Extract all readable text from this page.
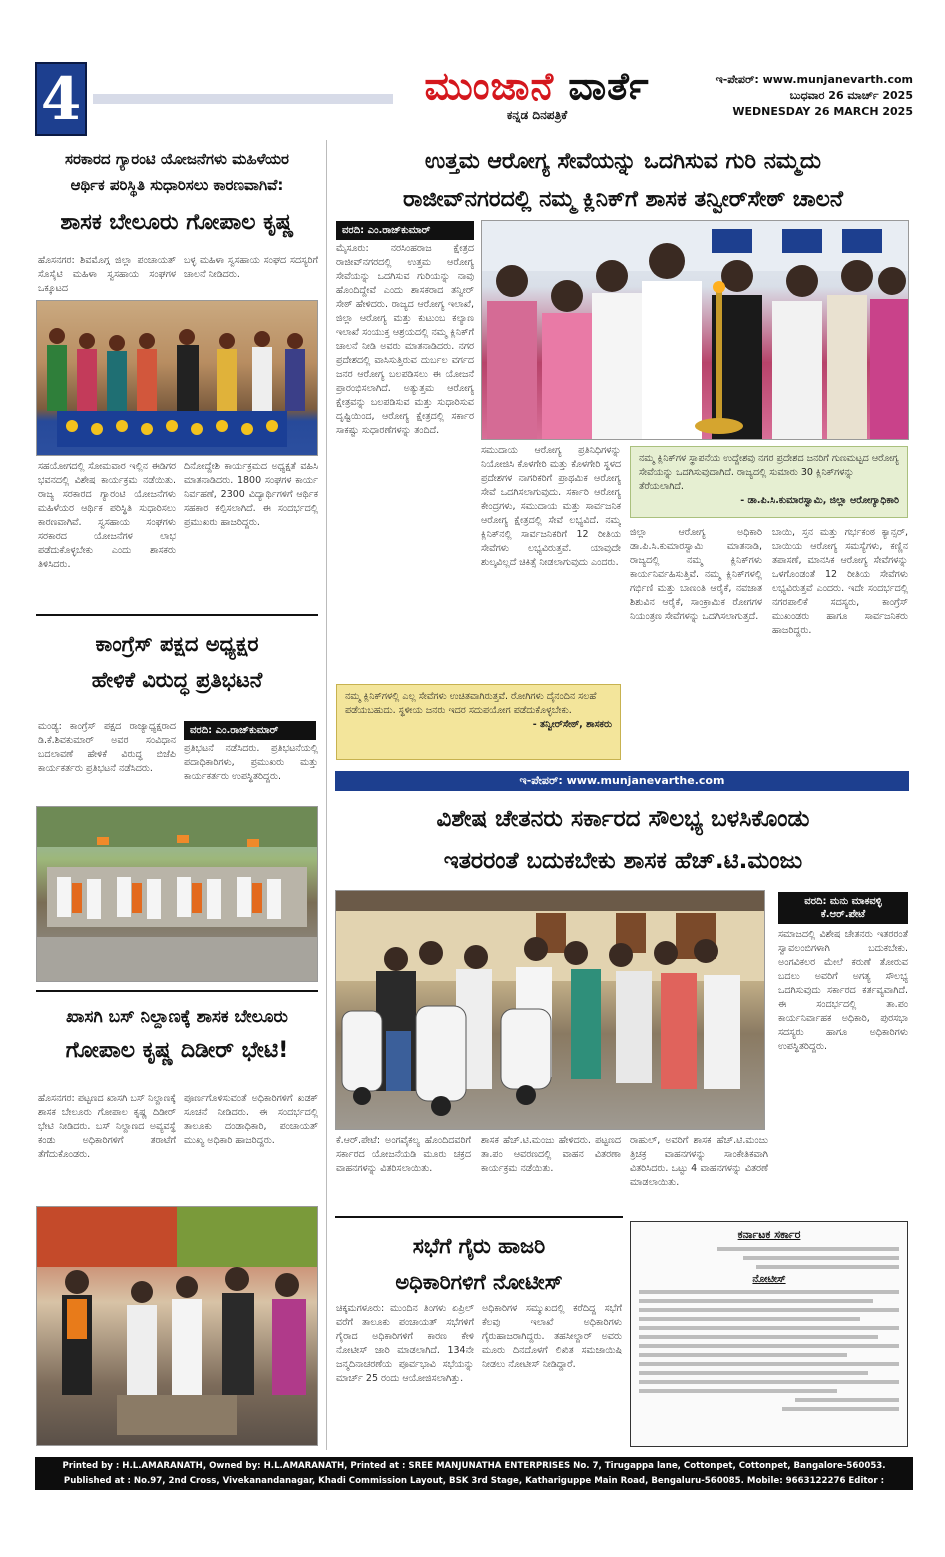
4	ಮುಂಜಾನೆ ವಾರ್ತೆ
ಕನ್ನಡ ದಿನಪತ್ರಿಕೆ
ಇ-ಪೇಪರ್: www.munjanevarth.com
ಬುಧವಾರ 26 ಮಾರ್ಚ್ 2025
WEDNESDAY 26 MARCH 2025
ಸರಕಾರದ ಗ್ಯಾರಂಟಿ ಯೋಜನೆಗಳು ಮಹಿಳೆಯರ
ಆರ್ಥಿಕ ಪರಿಸ್ಥಿತಿ ಸುಧಾರಿಸಲು ಕಾರಣವಾಗಿವೆ:
ಶಾಸಕ ಬೇಲೂರು ಗೋಪಾಲ ಕೃಷ್ಣ
ಹೊಸನಗರ: ಶಿವಮೊಗ್ಗ ಜಿಲ್ಲಾ ಪಂಚಾಯತ್ ಸೊಸೈಟಿ ಮಹಿಳಾ ಸ್ವಸಹಾಯ ಸಂಘಗಳ ಒಕ್ಕೂಟದ
ಬಳ್ಳ ಮಹಿಳಾ ಸ್ವಸಹಾಯ ಸಂಘದ ಸದಸ್ಯರಿಗೆ ಚಾಲನೆ ನೀಡಿದರು.
ಸಹಯೋಗದಲ್ಲಿ ಸೋಮವಾರ ಇಲ್ಲಿನ ಈಡಿಗರ ಭವನದಲ್ಲಿ ವಿಶೇಷ ಕಾರ್ಯಕ್ರಮ ನಡೆಯಿತು. ರಾಜ್ಯ ಸರಕಾರದ ಗ್ಯಾರಂಟಿ ಯೋಜನೆಗಳು ಮಹಿಳೆಯರ ಆರ್ಥಿಕ ಪರಿಸ್ಥಿತಿ ಸುಧಾರಿಸಲು ಕಾರಣವಾಗಿವೆ. ಸ್ವಸಹಾಯ ಸಂಘಗಳು ಸರಕಾರದ ಯೋಜನೆಗಳ ಲಾಭ ಪಡೆದುಕೊಳ್ಳಬೇಕು ಎಂದು ಶಾಸಕರು ತಿಳಿಸಿದರು.
ದಿನೋದ್ದೇಶಿ ಕಾರ್ಯಕ್ರಮದ ಅಧ್ಯಕ್ಷತೆ ವಹಿಸಿ ಮಾತನಾಡಿದರು. 1800 ಸಂಘಗಳ ಕಾರ್ಯ ನಿರ್ವಹಣೆ, 2300 ವಿದ್ಯಾರ್ಥಿಗಳಿಗೆ ಆರ್ಥಿಕ ಸಹಕಾರ ಕಲ್ಪಿಸಲಾಗಿದೆ. ಈ ಸಂದರ್ಭದಲ್ಲಿ ಪ್ರಮುಖರು ಹಾಜರಿದ್ದರು.
ಕಾಂಗ್ರೆಸ್ ಪಕ್ಷದ ಅಧ್ಯಕ್ಷರ
ಹೇಳಿಕೆ ವಿರುದ್ಧ ಪ್ರತಿಭಟನೆ
ಮಂಡ್ಯ: ಕಾಂಗ್ರೆಸ್ ಪಕ್ಷದ ರಾಜ್ಯಾಧ್ಯಕ್ಷರಾದ ಡಿ.ಕೆ.ಶಿವಕುಮಾರ್ ಅವರ ಸಂವಿಧಾನ ಬದಲಾವಣೆ ಹೇಳಿಕೆ ವಿರುದ್ಧ ಬಿಜೆಪಿ ಕಾರ್ಯಕರ್ತರು ಪ್ರತಿಭಟನೆ ನಡೆಸಿದರು.
ವರದಿ: ಎಂ.ರಾಜ್‌ಕುಮಾರ್
ಪ್ರತಿಭಟನೆ ನಡೆಸಿದರು. ಪ್ರತಿಭಟನೆಯಲ್ಲಿ ಪದಾಧಿಕಾರಿಗಳು, ಪ್ರಮುಖರು ಮತ್ತು ಕಾರ್ಯಕರ್ತರು ಉಪಸ್ಥಿತರಿದ್ದರು.
ಖಾಸಗಿ ಬಸ್ ನಿಲ್ದಾಣಕ್ಕೆ ಶಾಸಕ ಬೇಲೂರು
ಗೋಪಾಲ ಕೃಷ್ಣ ದಿಡೀರ್ ಭೇಟಿ!
ಹೊಸನಗರ: ಪಟ್ಟಣದ ಖಾಸಗಿ ಬಸ್ ನಿಲ್ದಾಣಕ್ಕೆ ಶಾಸಕ ಬೇಲೂರು ಗೋಪಾಲ ಕೃಷ್ಣ ದಿಡೀರ್ ಭೇಟಿ ನೀಡಿದರು. ಬಸ್ ನಿಲ್ದಾಣದ ಅವ್ಯವಸ್ಥೆ ಕಂಡು ಅಧಿಕಾರಿಗಳಿಗೆ ತರಾಟೆಗೆ ತೆಗೆದುಕೊಂಡರು.
ಪೂರ್ಣಗೊಳಿಸುವಂತೆ ಅಧಿಕಾರಿಗಳಿಗೆ ಖಡಕ್ ಸೂಚನೆ ನೀಡಿದರು. ಈ ಸಂದರ್ಭದಲ್ಲಿ ತಾಲೂಕು ದಂಡಾಧಿಕಾರಿ, ಪಂಚಾಯತ್ ಮುಖ್ಯ ಅಧಿಕಾರಿ ಹಾಜರಿದ್ದರು.
ಉತ್ತಮ ಆರೋಗ್ಯ ಸೇವೆಯನ್ನು ಒದಗಿಸುವ ಗುರಿ ನಮ್ಮದು
ರಾಜೀವ್‌ನಗರದಲ್ಲಿ ನಮ್ಮ ಕ್ಲಿನಿಕ್‌ಗೆ ಶಾಸಕ ತನ್ವೀರ್‌ಸೇಠ್ ಚಾಲನೆ
ವರದಿ: ಎಂ.ರಾಜ್‌ಕುಮಾರ್
ಮೈಸೂರು: ನರಸಿಂಹರಾಜ ಕ್ಷೇತ್ರದ ರಾಜೀವ್‌ನಗರದಲ್ಲಿ ಉತ್ತಮ ಆರೋಗ್ಯ ಸೇವೆಯನ್ನು ಒದಗಿಸುವ ಗುರಿಯನ್ನು ನಾವು ಹೊಂದಿದ್ದೇವೆ ಎಂದು ಶಾಸಕರಾದ ತನ್ವೀರ್ ಸೇಠ್ ಹೇಳಿದರು. ರಾಜ್ಯದ ಆರೋಗ್ಯ ಇಲಾಖೆ, ಜಿಲ್ಲಾ ಆರೋಗ್ಯ ಮತ್ತು ಕುಟುಂಬ ಕಲ್ಯಾಣ ಇಲಾಖೆ ಸಂಯುಕ್ತ ಆಶ್ರಯದಲ್ಲಿ ನಮ್ಮ ಕ್ಲಿನಿಕ್‌ಗೆ ಚಾಲನೆ ನೀಡಿ ಅವರು ಮಾತನಾಡಿದರು. ನಗರ ಪ್ರದೇಶದಲ್ಲಿ ವಾಸಿಸುತ್ತಿರುವ ದುರ್ಬಲ ವರ್ಗದ ಜನರ ಆರೋಗ್ಯ ಬಲಪಡಿಸಲು ಈ ಯೋಜನೆ ಪ್ರಾರಂಭಿಸಲಾಗಿದೆ. ಅತ್ಯುತ್ತಮ ಆರೋಗ್ಯ ಕ್ಷೇತ್ರವನ್ನು ಬಲಪಡಿಸುವ ಮತ್ತು ಸುಧಾರಿಸುವ ದೃಷ್ಟಿಯಿಂದ, ಆರೋಗ್ಯ ಕ್ಷೇತ್ರದಲ್ಲಿ ಸರ್ಕಾರ ಸಾಕಷ್ಟು ಸುಧಾರಣೆಗಳನ್ನು ತಂದಿದೆ.
ಸಮುದಾಯ ಆರೋಗ್ಯ ಪ್ರತಿನಿಧಿಗಳನ್ನು ನಿಯೋಜಿಸಿ ಕೊಳಗೇರಿ ಮತ್ತು ಕೊಳಗೇರಿ ಸ್ಥಳದ ಪ್ರದೇಶಗಳ ನಾಗರಿಕರಿಗೆ ಪ್ರಾಥಮಿಕ ಆರೋಗ್ಯ ಸೇವೆ ಒದಗಿಸಲಾಗುವುದು. ಸರ್ಕಾರಿ ಆರೋಗ್ಯ ಕೇಂದ್ರಗಳು, ಸಮುದಾಯ ಮತ್ತು ಸಾರ್ವಜನಿಕ ಆರೋಗ್ಯ ಕ್ಷೇತ್ರದಲ್ಲಿ ಸೇವೆ ಲಭ್ಯವಿದೆ. ನಮ್ಮ ಕ್ಲಿನಿಕ್‌ನಲ್ಲಿ ಸಾರ್ವಜನಿಕರಿಗೆ 12 ರೀತಿಯ ಸೇವೆಗಳು ಲಭ್ಯವಿರುತ್ತವೆ. ಯಾವುದೇ ಶುಲ್ಕವಿಲ್ಲದೆ ಚಿಕಿತ್ಸೆ ನೀಡಲಾಗುವುದು ಎಂದರು.
ನಮ್ಮ ಕ್ಲಿನಿಕ್‌ಗಳ ಸ್ಥಾಪನೆಯ ಉದ್ದೇಶವು ನಗರ ಪ್ರದೇಶದ ಜನರಿಗೆ ಗುಣಮಟ್ಟದ ಆರೋಗ್ಯ ಸೇವೆಯನ್ನು ಒದಗಿಸುವುದಾಗಿದೆ. ರಾಜ್ಯದಲ್ಲಿ ಸುಮಾರು 30 ಕ್ಲಿನಿಕ್‌ಗಳನ್ನು ತೆರೆಯಲಾಗಿದೆ.
- ಡಾ.ಪಿ.ಸಿ.ಕುಮಾರಸ್ವಾಮಿ, ಜಿಲ್ಲಾ ಆರೋಗ್ಯಾಧಿಕಾರಿ
ಜಿಲ್ಲಾ ಆರೋಗ್ಯ ಅಧಿಕಾರಿ ಡಾ.ಪಿ.ಸಿ.ಕುಮಾರಸ್ವಾಮಿ ಮಾತನಾಡಿ, ರಾಜ್ಯದಲ್ಲಿ ನಮ್ಮ ಕ್ಲಿನಿಕ್‌ಗಳು ಕಾರ್ಯನಿರ್ವಹಿಸುತ್ತಿವೆ. ನಮ್ಮ ಕ್ಲಿನಿಕ್‌ಗಳಲ್ಲಿ ಗರ್ಭಿಣಿ ಮತ್ತು ಬಾಣಂತಿ ಆರೈಕೆ, ನವಜಾತ ಶಿಶುವಿನ ಆರೈಕೆ, ಸಾಂಕ್ರಾಮಿಕ ರೋಗಗಳ ನಿಯಂತ್ರಣ ಸೇವೆಗಳನ್ನು ಒದಗಿಸಲಾಗುತ್ತದೆ.
ಬಾಯಿ, ಸ್ತನ ಮತ್ತು ಗರ್ಭಕಂಠ ಕ್ಯಾನ್ಸರ್, ಬಾಯಿಯ ಆರೋಗ್ಯ ಸಮಸ್ಯೆಗಳು, ಕಣ್ಣಿನ ತಪಾಸಣೆ, ಮಾನಸಿಕ ಆರೋಗ್ಯ ಸೇವೆಗಳನ್ನು ಒಳಗೊಂಡಂತೆ 12 ರೀತಿಯ ಸೇವೆಗಳು ಲಭ್ಯವಿರುತ್ತವೆ ಎಂದರು. ಇದೇ ಸಂದರ್ಭದಲ್ಲಿ ನಗರಪಾಲಿಕೆ ಸದಸ್ಯರು, ಕಾಂಗ್ರೆಸ್ ಮುಖಂಡರು ಹಾಗೂ ಸಾರ್ವಜನಿಕರು ಹಾಜರಿದ್ದರು.
ನಮ್ಮ ಕ್ಲಿನಿಕ್‌ಗಳಲ್ಲಿ ಎಲ್ಲ ಸೇವೆಗಳು ಉಚಿತವಾಗಿರುತ್ತವೆ. ರೋಗಿಗಳು ದೈನಂದಿನ ಸಲಹೆ ಪಡೆಯಬಹುದು. ಸ್ಥಳೀಯ ಜನರು ಇದರ ಸದುಪಯೋಗ ಪಡೆದುಕೊಳ್ಳಬೇಕು.
- ತನ್ವೀರ್‌ಸೇಠ್, ಶಾಸಕರು
ಇ-ಪೇಪರ್: www.munjanevarthe.com
ವಿಶೇಷ ಚೇತನರು ಸರ್ಕಾರದ ಸೌಲಭ್ಯ ಬಳಸಿಕೊಂಡು
ಇತರರಂತೆ ಬದುಕಬೇಕು ಶಾಸಕ ಹೆಚ್.ಟಿ.ಮಂಜು
ವರದಿ: ಮನು ಮಾಕವಳ್ಳಿ
ಕೆ.ಆರ್.ಪೇಟೆ
ಸಮಾಜದಲ್ಲಿ ವಿಶೇಷ ಚೇತನರು ಇತರರಂತೆ ಸ್ವಾವಲಂಬಿಗಳಾಗಿ ಬದುಕಬೇಕು. ಅಂಗವಿಕಲರ ಮೇಲೆ ಕರುಣೆ ತೋರುವ ಬದಲು ಅವರಿಗೆ ಅಗತ್ಯ ಸೌಲಭ್ಯ ಒದಗಿಸುವುದು ಸರ್ಕಾರದ ಕರ್ತವ್ಯವಾಗಿದೆ. ಈ ಸಂದರ್ಭದಲ್ಲಿ ತಾ.ಪಂ ಕಾರ್ಯನಿರ್ವಾಹಕ ಅಧಿಕಾರಿ, ಪುರಸಭಾ ಸದಸ್ಯರು ಹಾಗೂ ಅಧಿಕಾರಿಗಳು ಉಪಸ್ಥಿತರಿದ್ದರು.
ಕೆ.ಆರ್.ಪೇಟೆ: ಅಂಗವೈಕಲ್ಯ ಹೊಂದಿದವರಿಗೆ ಸರ್ಕಾರದ ಯೋಜನೆಯಡಿ ಮೂರು ಚಕ್ರದ ವಾಹನಗಳನ್ನು ವಿತರಿಸಲಾಯಿತು.
ಶಾಸಕ ಹೆಚ್.ಟಿ.ಮಂಜು ಹೇಳಿದರು. ಪಟ್ಟಣದ ತಾ.ಪಂ ಆವರಣದಲ್ಲಿ ವಾಹನ ವಿತರಣಾ ಕಾರ್ಯಕ್ರಮ ನಡೆಯಿತು.
ರಾಹುಲ್, ಅವರಿಗೆ ಶಾಸಕ ಹೆಚ್.ಟಿ.ಮಂಜು ತ್ರಿಚಕ್ರ ವಾಹನಗಳನ್ನು ಸಾಂಕೇತಿಕವಾಗಿ ವಿತರಿಸಿದರು. ಒಟ್ಟು 4 ವಾಹನಗಳನ್ನು ವಿತರಣೆ ಮಾಡಲಾಯಿತು.
ಸಭೆಗೆ ಗೈರು ಹಾಜರಿ
ಅಧಿಕಾರಿಗಳಿಗೆ ನೋಟೀಸ್
ಚಿಕ್ಕಮಗಳೂರು: ಮುಂದಿನ ತಿಂಗಳು ಏಪ್ರಿಲ್ ವರೆಗೆ ತಾಲೂಕು ಪಂಚಾಯತ್ ಸಭೆಗಳಿಗೆ ಗೈರಾದ ಅಧಿಕಾರಿಗಳಿಗೆ ಕಾರಣ ಕೇಳಿ ನೋಟೀಸ್ ಜಾರಿ ಮಾಡಲಾಗಿದೆ. 134ನೇ ಜನ್ಮದಿನಾಚರಣೆಯ ಪೂರ್ವಭಾವಿ ಸಭೆಯನ್ನು ಮಾರ್ಚ್ 25 ರಂದು ಆಯೋಜಿಸಲಾಗಿತ್ತು.
ಅಧಿಕಾರಿಗಳ ಸಮ್ಮುಖದಲ್ಲಿ ಕರೆದಿದ್ದ ಸಭೆಗೆ ಕೆಲವು ಇಲಾಖೆ ಅಧಿಕಾರಿಗಳು ಗೈರುಹಾಜರಾಗಿದ್ದರು. ತಹಸೀಲ್ದಾರ್ ಅವರು ಮೂರು ದಿನದೊಳಗೆ ಲಿಖಿತ ಸಮಜಾಯಿಷಿ ನೀಡಲು ನೋಟೀಸ್ ನೀಡಿದ್ದಾರೆ.
ಕರ್ನಾಟಕ ಸರ್ಕಾರ
ನೋಟೀಸ್
Printed by : H.L.AMARANATH, Owned by: H.L.AMARANATH, Printed at : SREE MANJUNATHA ENTERPRISES No. 7, Tirugappa lane, Cottonpet, Cottonpet, Bangalore-560053.
Published at : No.97, 2nd Cross, Vivekanandanagar, Khadi Commission Layout, BSK 3rd Stage, Kathariguppe Main Road, Bengaluru-560085. Mobile: 9663122276 Editor : H.L.AMARANATH
